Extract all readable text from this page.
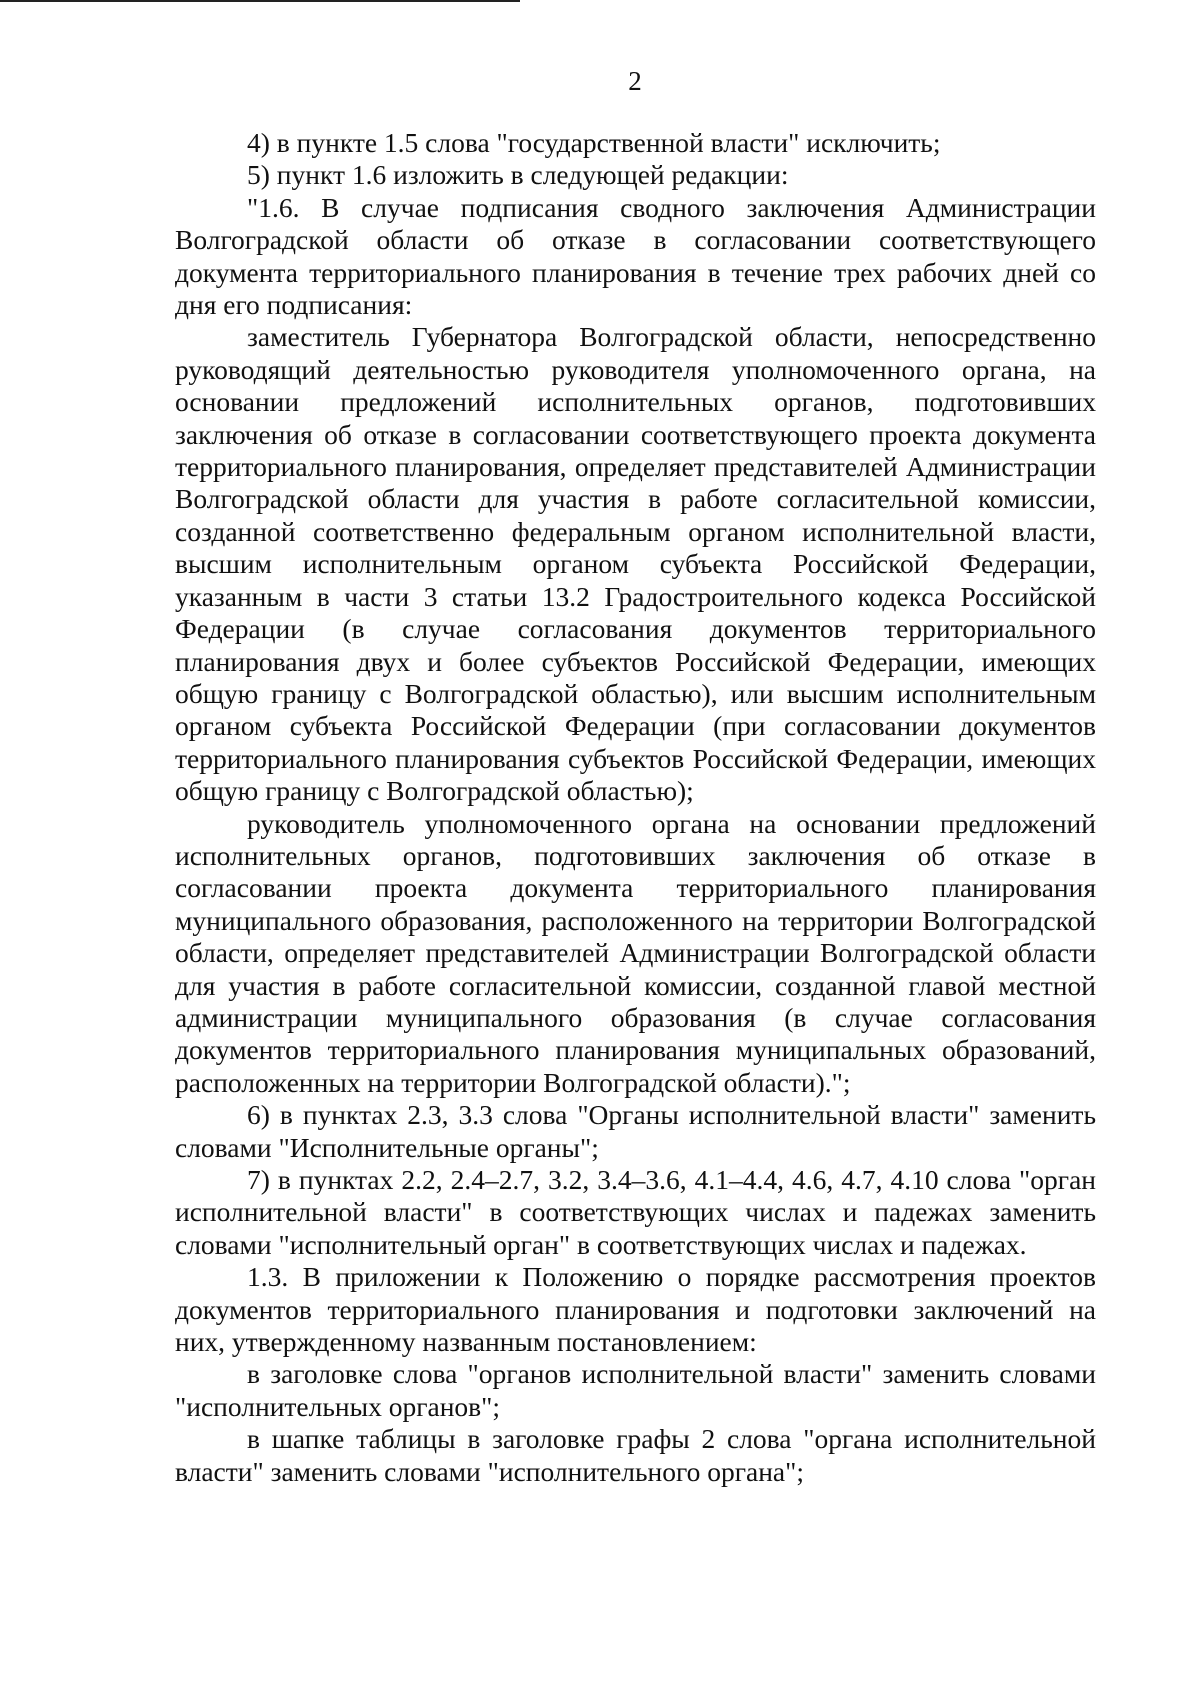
2

4) в пункте 1.5 слова "государственной власти" исключить;

5) пункт 1.6 изложить в следующей редакции:

"1.6. В случае подписания сводного заключения Администрации Волгоградской области об отказе в согласовании соответствующего документа территориального планирования в течение трех рабочих дней со дня его подписания:

заместитель Губернатора Волгоградской области, непосредственно руководящий деятельностью руководителя уполномоченного органа, на основании предложений исполнительных органов, подготовивших заключения об отказе в согласовании соответствующего проекта документа территориального планирования, определяет представителей Администрации Волгоградской области для участия в работе согласительной комиссии, созданной соответственно федеральным органом исполнительной власти, высшим исполнительным органом субъекта Российской Федерации, указанным в части 3 статьи 13.2 Градостроительного кодекса Российской Федерации (в случае согласования документов территориального планирования двух и более субъектов Российской Федерации, имеющих общую границу с Волгоградской областью), или высшим исполнительным органом субъекта Российской Федерации (при согласовании документов территориального планирования субъектов Российской Федерации, имеющих общую границу с Волгоградской областью);

руководитель уполномоченного органа на основании предложений исполнительных органов, подготовивших заключения об отказе в согласовании проекта документа территориального планирования муниципального образования, расположенного на территории Волгоградской области, определяет представителей Администрации Волгоградской области для участия в работе согласительной комиссии, созданной главой местной администрации муниципального образования (в случае согласования документов территориального планирования муниципальных образований, расположенных на территории Волгоградской области).";

6) в пунктах 2.3, 3.3 слова "Органы исполнительной власти" заменить словами "Исполнительные органы";

7) в пунктах 2.2, 2.4–2.7, 3.2, 3.4–3.6, 4.1–4.4, 4.6, 4.7, 4.10 слова "орган исполнительной власти" в соответствующих числах и падежах заменить словами "исполнительный орган" в соответствующих числах и падежах.

1.3. В приложении к Положению о порядке рассмотрения проектов документов территориального планирования и подготовки заключений на них, утвержденному названным постановлением:

в заголовке слова "органов исполнительной власти" заменить словами "исполнительных органов";

в шапке таблицы в заголовке графы 2 слова "органа исполнительной власти" заменить словами "исполнительного органа";
